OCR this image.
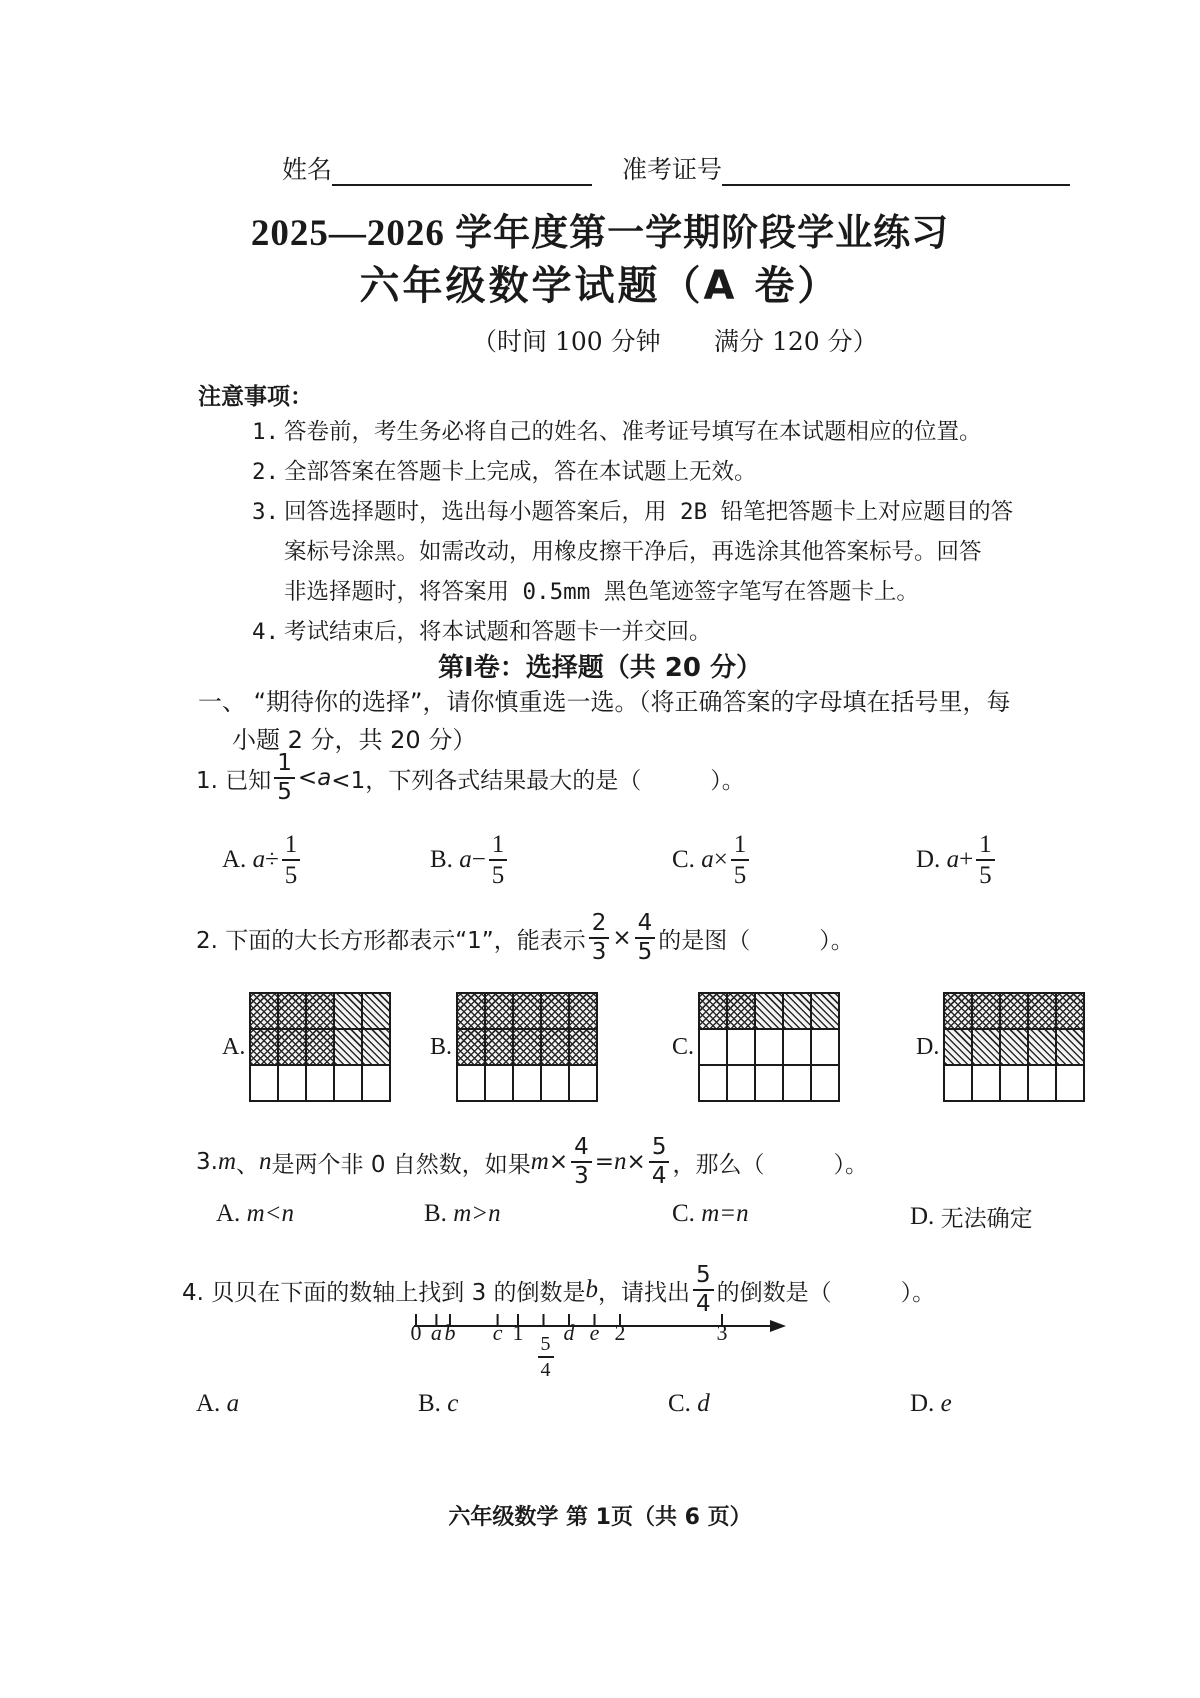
姓名	准考证号
2025—2026 学年度第一学期阶段学业练习
六年级数学试题（A 卷）
（时间 100 分钟 满分 120 分）
注意事项：
1. 答卷前，考生务必将自己的姓名、准考证号填写在本试题相应的位置。
2. 全部答案在答题卡上完成，答在本试题上无效。
3. 回答选择题时，选出每小题答案后，用 2B 铅笔把答题卡上对应题目的答
案标号涂黑。如需改动，用橡皮擦干净后，再选涂其他答案标号。回答
非选择题时，将答案用 0.5mm 黑色笔迹签字笔写在答题卡上。
4. 考试结束后，将本试题和答题卡一并交回。
第Ⅰ卷：选择题（共 20 分）
一、 “期待你的选择”，请你慎重选一选。（将正确答案的字母填在括号里，每
小题 2 分，共 20 分）
1. 已知 $\frac{1}{5} < a <1$，下列各式结果最大的是（　　　）。
A.
$a \div \frac{1}{5}$	B.
$a - \frac{1}{5}$	C.
$a \times \frac{1}{5}$	D.
$a + \frac{1}{5}$
2. 下面的大长方形都表示“1”，能表示 $\frac{2}{3} \times \frac{4}{5}$ 的是图（　　　）。
A.

					B.

					C.

					D.

3. m 、 n 是两个非 0 自然数，如果 $m \times \frac{4}{3} = n \times \frac{5}{4}$ ，那么（　　　）。
A.
m<n	B.
m>n	C.
m=n	D.
无法确定
4. 贝贝在下面的数轴上找到 3 的倒数是 b ，请找出 $\frac{5}{4}$ 的倒数是（　　　）。
0 a b c 1 d e 2	3
$\frac{5}{4}$
A.
a	B.
c	C.
d	D.
e
六年级数学 第 1页（共 6 页）
